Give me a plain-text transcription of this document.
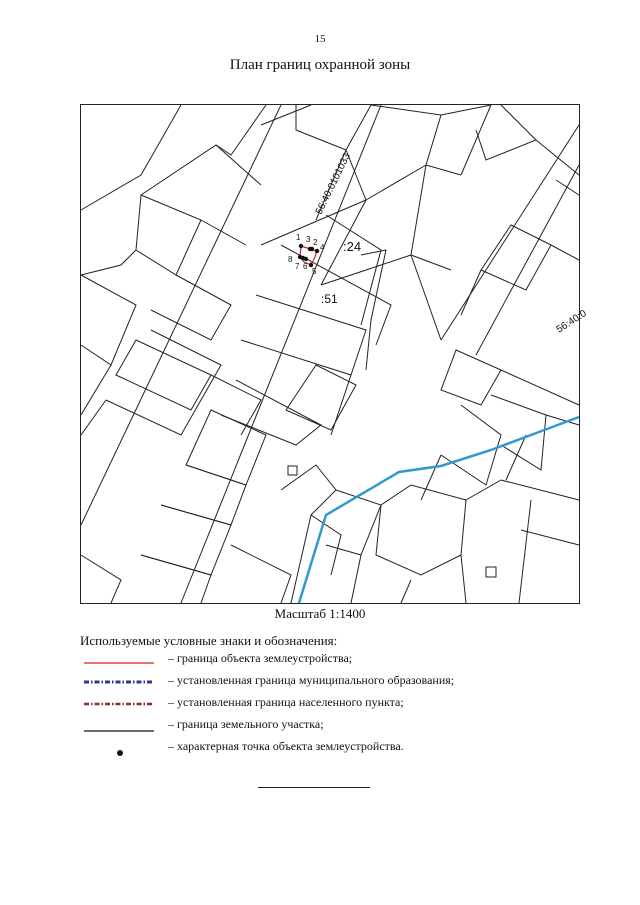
15
План границ охранной зоны
1
2
3
4
5
6
7
8
:24
:51
56:40:0101033
56:40:0
Масштаб 1:1400
Используемые условные знаки и обозначения:
– граница объекта землеустройства;
– установленная граница муниципального образования;
– установленная граница населенного пункта;
– граница земельного участка;
– характерная точка объекта землеустройства.
